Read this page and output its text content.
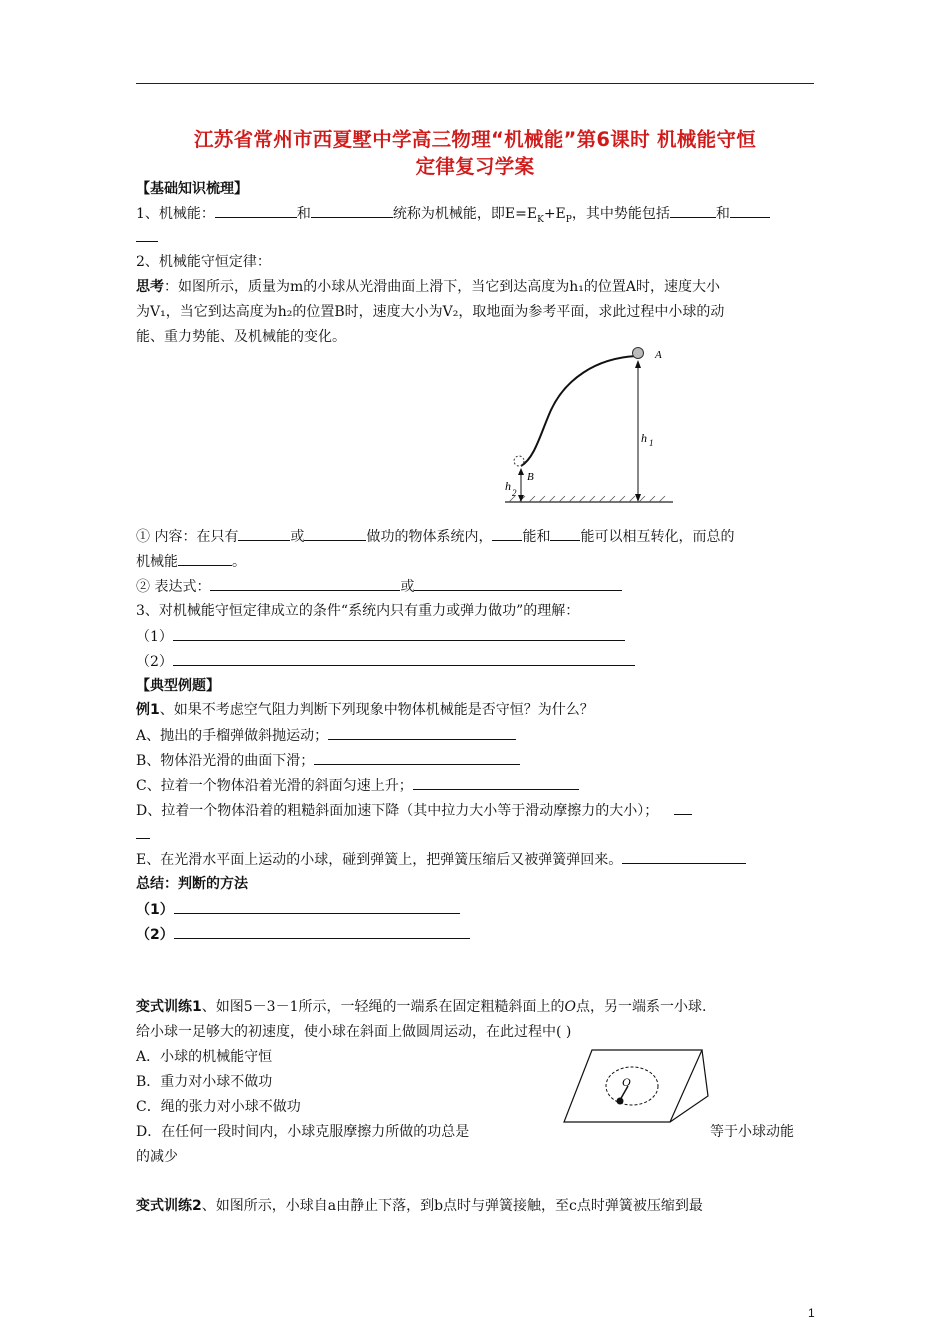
江苏省常州市西夏墅中学高三物理“机械能”第6课时 机械能守恒
定律复习学案
【基础知识梳理】
1、机械能：	和	统称为机械能，即$E=E_K+E_P$，其中势能包括	和
2、机械能守恒定律：
思考：如图所示，质量为m的小球从光滑曲面上滑下，当它到达高度为h₁的位置A时，速度大小
为V₁，当它到达高度为h₂的位置B时，速度大小为V₂，取地面为参考平面，求此过程中小球的动
能、重力势能、及机械能的变化。
A
B
h 1
h 2
① 内容：在只有	或	做功的物体系统内， 能和 能可以相互转化，而总的
机械能	。
② 表达式：	或
3、对机械能守恒定律成立的条件“系统内只有重力或弹力做功”的理解：
（1）
（2）
【典型例题】
例1、如果不考虑空气阻力判断下列现象中物体机械能是否守恒？为什么？
A、抛出的手榴弹做斜抛运动；
B、物体沿光滑的曲面下滑；
C、拉着一个物体沿着光滑的斜面匀速上升；
D、拉着一个物体沿着的粗糙斜面加速下降（其中拉力大小等于滑动摩擦力的大小）；
E、在光滑水平面上运动的小球，碰到弹簧上，把弹簧压缩后又被弹簧弹回来。
总结：判断的方法
（1）
（2）
变式训练1、如图5－3－1所示，一轻绳的一端系在固定粗糙斜面上的O点，另一端系一小球.
给小球一足够大的初速度，使小球在斜面上做圆周运动，在此过程中( )
A．小球的机械能守恒
B．重力对小球不做功
C．绳的张力对小球不做功
D．在任何一段时间内，小球克服摩擦力所做的功总是	等于小球动能
的减少
O
变式训练2、如图所示，小球自a由静止下落，到b点时与弹簧接触，至c点时弹簧被压缩到最
1
